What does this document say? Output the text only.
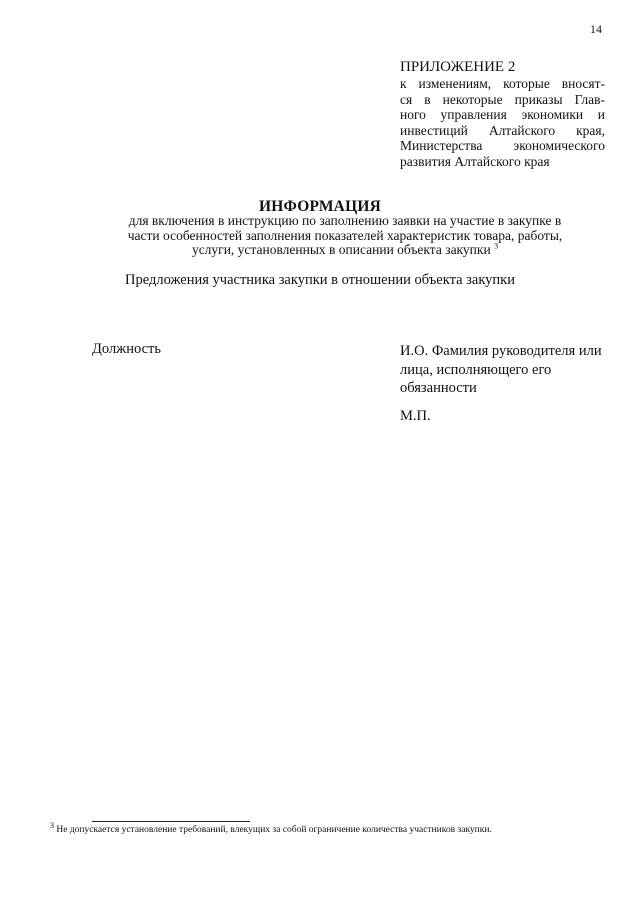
14
ПРИЛОЖЕНИЕ 2
к изменениям, которые вносят-
ся в некоторые приказы Глав-
ного управления экономики и
инвестиций Алтайского края,
Министерства экономического
развития Алтайского края
ИНФОРМАЦИЯ
для включения в инструкцию по заполнению заявки на участие в закупке в
части особенностей заполнения показателей характеристик товара, работы,
услуги, установленных в описании объекта закупки $^3$
Предложения участника закупки в отношении объекта закупки
Должность	И.О. Фамилия руководителя или лица, исполняющего его обязанности
М.П.
$^3$ Не допускается установление требований, влекущих за собой ограничение количества участников закупки.
